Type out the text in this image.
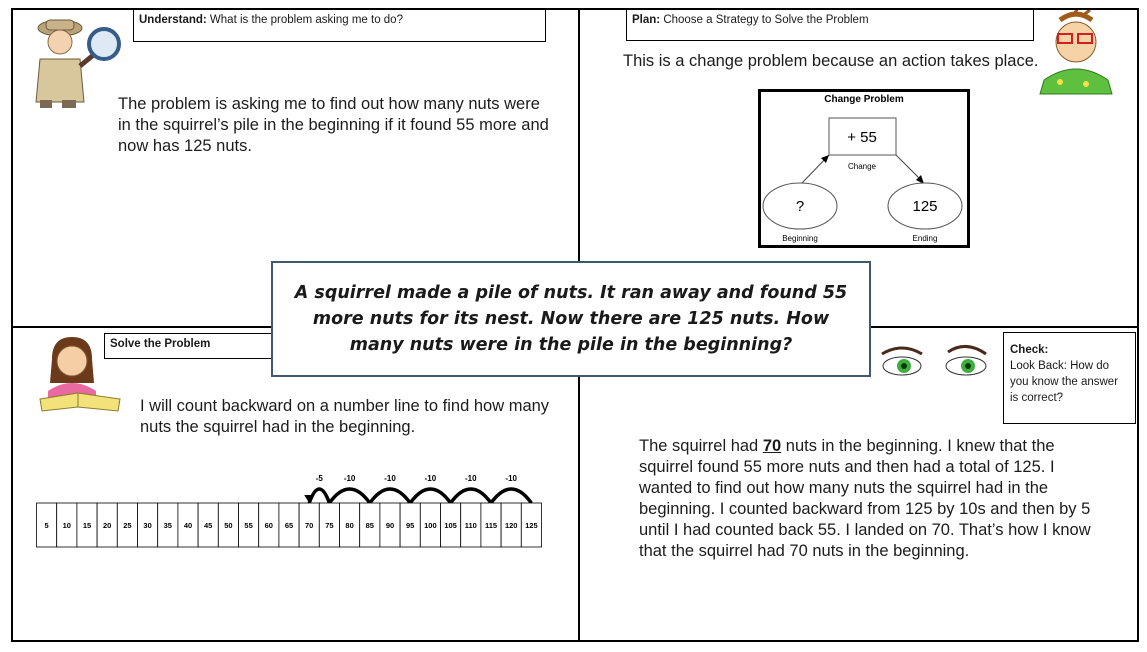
Understand: What is the problem asking me to do?
The problem is asking me to find out how many nuts were in the squirrel’s pile in the beginning if it found 55 more and now has 125 nuts.
Plan: Choose a Strategy to Solve the Problem
This is a change problem because an action takes place.
Change Problem
+ 55
Change
?
Beginning
125
Ending
Solve the Problem
I will count backward on a number line to find how many nuts the squirrel had in the beginning.
-10
-10
-10
-10
-10
-5
5 10 15 20 25 30 35 40 45 50 55 60 65 70 75 80 85 90 95 100 105 110 115 120 125
Check:
Look Back: How do you know the answer is correct?
The squirrel had 70 nuts in the beginning. I knew that the squirrel found 55 more nuts and then had a total of 125. I wanted to find out how many nuts the squirrel had in the beginning. I counted backward from 125 by 10s and then by 5 until I had counted back 55. I landed on 70. That’s how I know that the squirrel had 70 nuts in the beginning.
A squirrel made a pile of nuts. It ran away and found 55 more nuts for its nest. Now there are 125 nuts. How many nuts were in the pile in the beginning?
